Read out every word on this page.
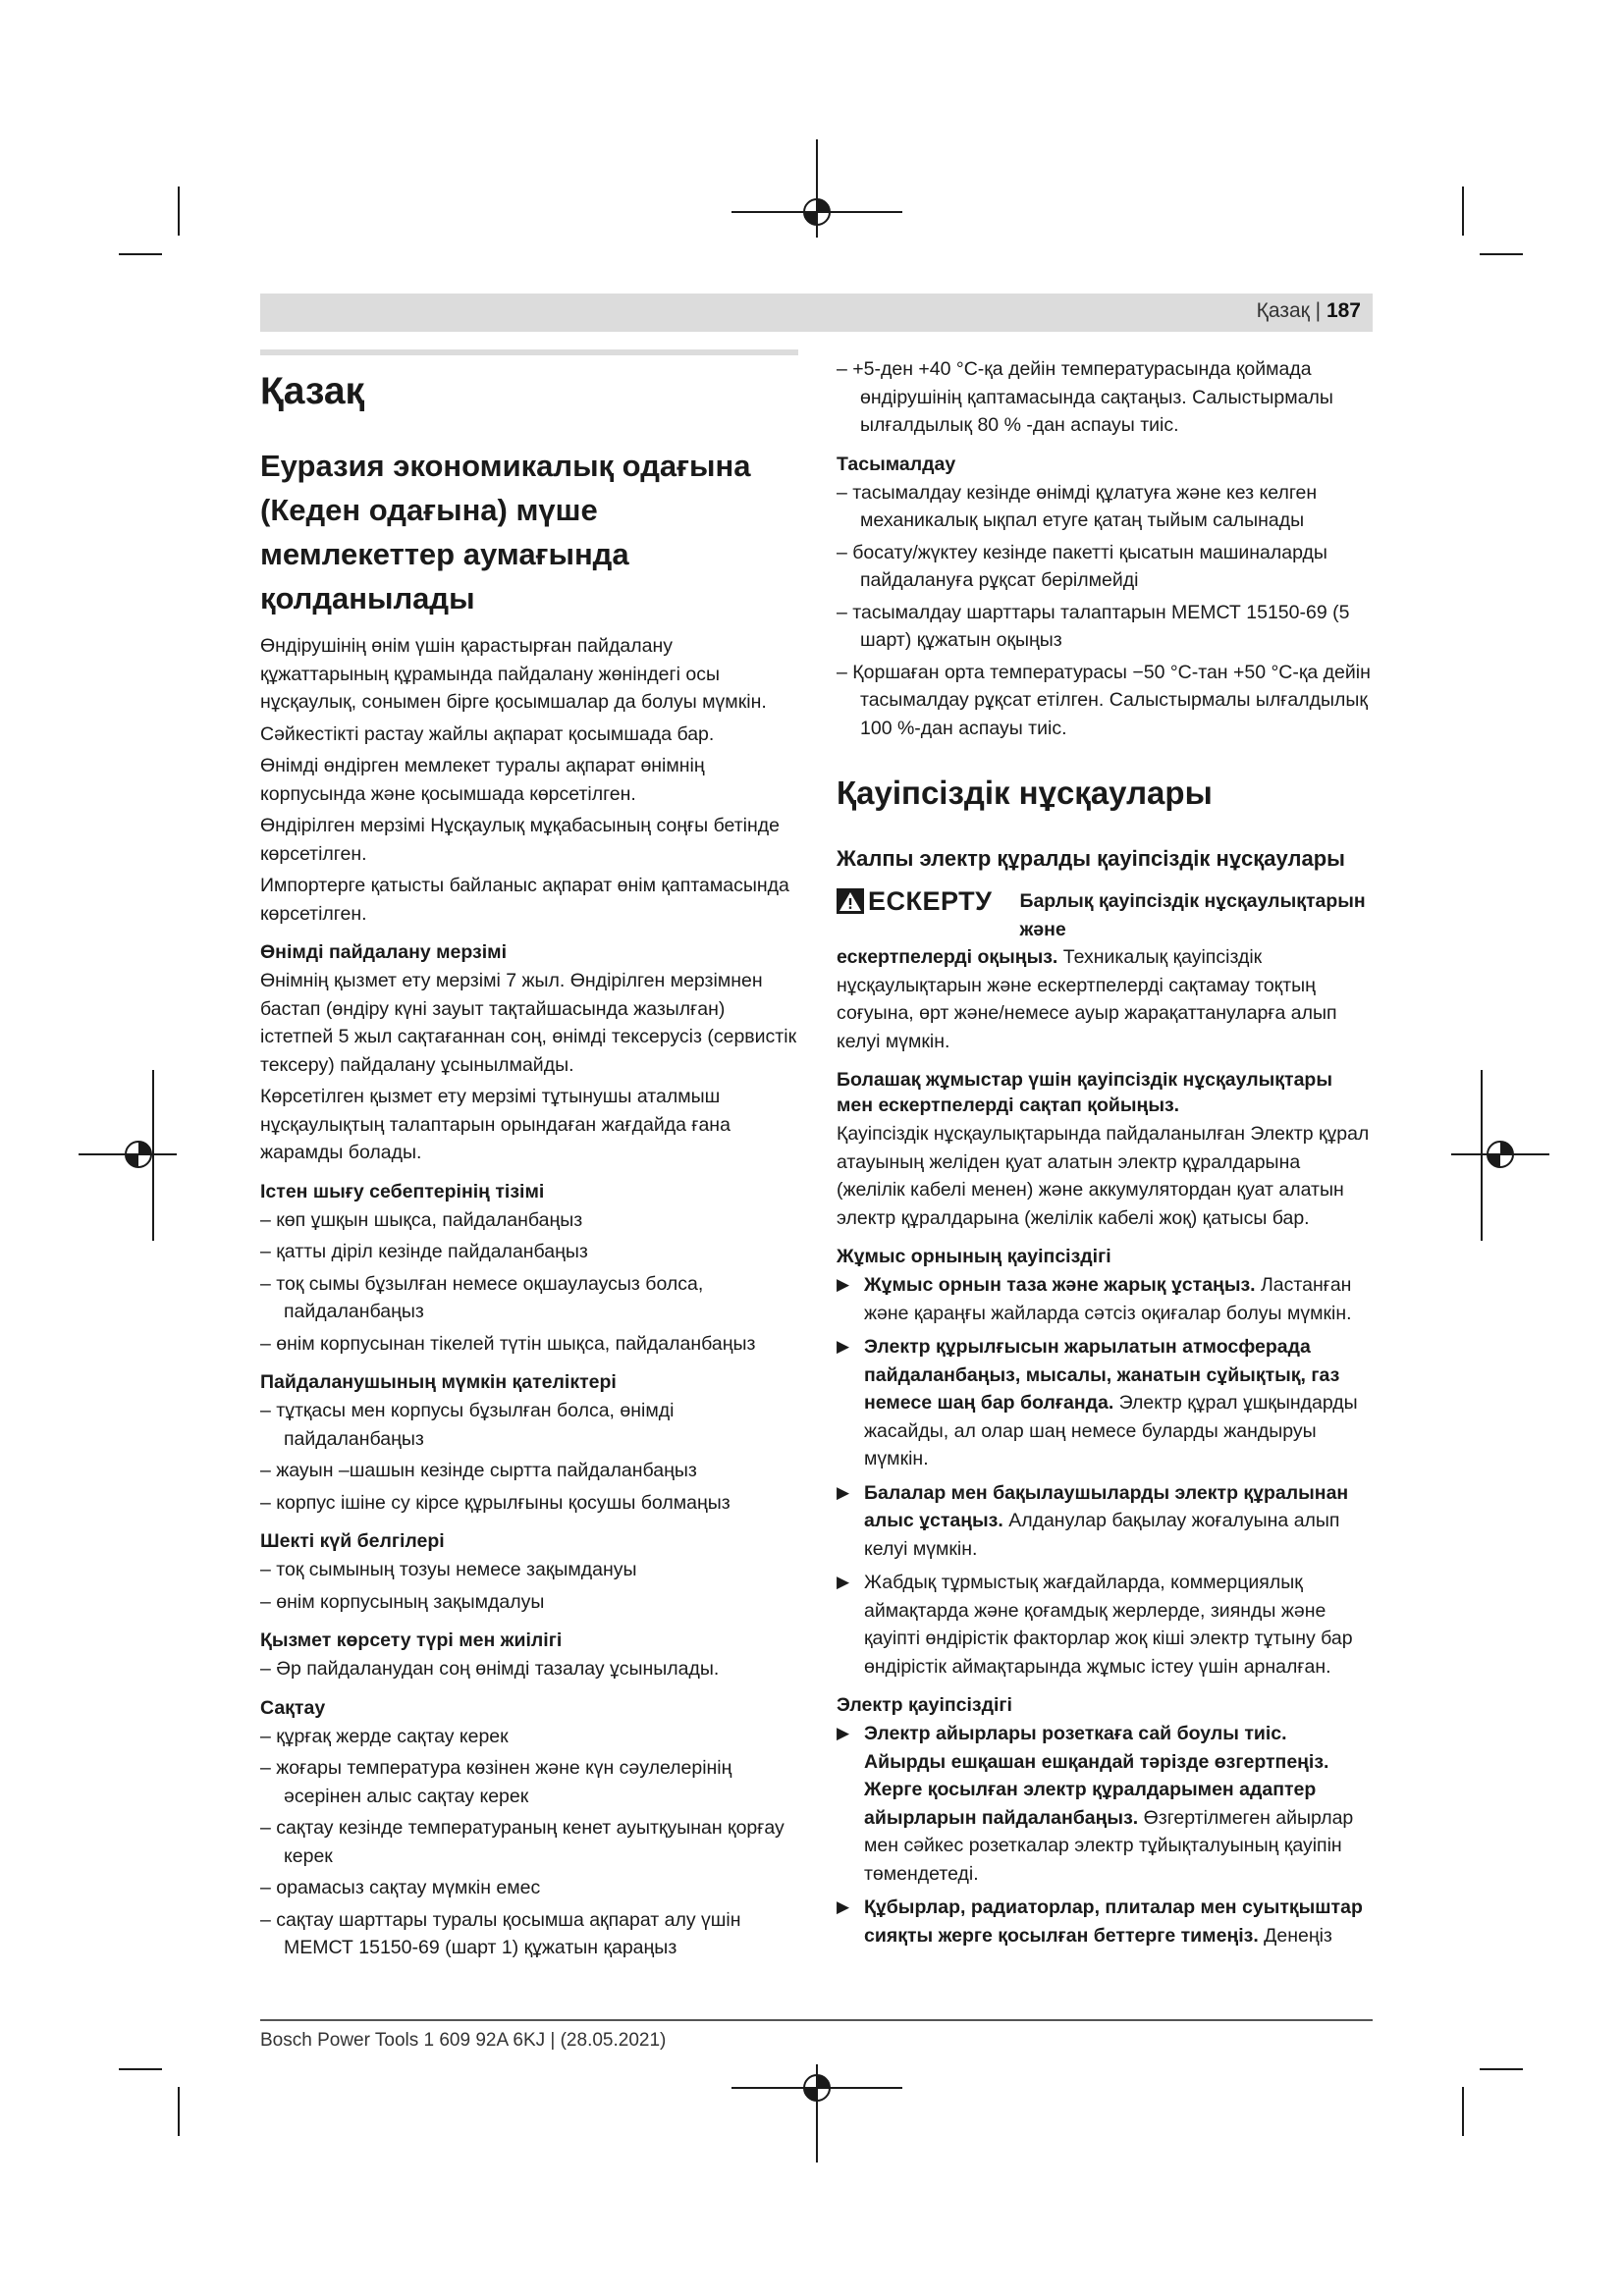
Қазақ | 187
Қазақ
Еуразия экономикалық одағына (Кеден одағына) мүше мемлекеттер аумағында қолданылады

Өндірушінің өнім үшін қарастырған пайдалану құжаттарының құрамында пайдалану жөніндегі осы нұсқаулық, сонымен бірге қосымшалар да болуы мүмкін.

Сәйкестікті растау жайлы ақпарат қосымшада бар.

Өнімді өндірген мемлекет туралы ақпарат өнімнің корпусында және қосымшада көрсетілген.

Өндірілген мерзімі Нұсқаулық мұқабасының соңғы бетінде көрсетілген.

Импортерге қатысты байланыс ақпарат өнім қаптамасында көрсетілген.

Өнімді пайдалану мерзімі

Өнімнің қызмет ету мерзімі 7 жыл. Өндірілген мерзімнен бастап (өндіру күні зауыт тақтайшасында жазылған) істетпей 5 жыл сақтағаннан соң, өнімді тексерусіз (сервистік тексеру) пайдалану ұсынылмайды.

Көрсетілген қызмет ету мерзімі тұтынушы аталмыш нұсқаулықтың талаптарын орындаған жағдайда ғана жарамды болады.

Істен шығу себептерінің тізімі
– көп ұшқын шықса, пайдаланбаңыз
– қатты діріл кезінде пайдаланбаңыз
– тоқ сымы бұзылған немесе оқшаулаусыз болса, пайдаланбаңыз
– өнім корпусынан тікелей түтін шықса, пайдаланбаңыз
Пайдаланушының мүмкін қателіктері
– тұтқасы мен корпусы бұзылған болса, өнімді пайдаланбаңыз
– жауын –шашын кезінде сыртта пайдаланбаңыз
– корпус ішіне су кірсе құрылғыны қосушы болмаңыз
Шекті күй белгілері
– тоқ сымының тозуы немесе зақымдануы
– өнім корпусының зақымдалуы
Қызмет көрсету түрі мен жиілігі
– Әр пайдаланудан соң өнімді тазалау ұсынылады.
Сақтау
– құрғақ жерде сақтау керек
– жоғары температура көзінен және күн сәулелерінің әсерінен алыс сақтау керек
– сақтау кезінде температураның кенет ауытқуынан қорғау керек
– орамасыз сақтау мүмкін емес
– сақтау шарттары туралы қосымша ақпарат алу үшін МЕМСТ 15150-69 (шарт 1) құжатын қараңыз
– +5-ден +40 °C-қа дейін температурасында қоймада өндірушінің қаптамасында сақтаңыз. Салыстырмалы ылғалдылық 80 % -дан аспауы тиіс.
Тасымалдау
– тасымалдау кезінде өнімді құлатуға және кез келген механикалық ықпал етуге қатаң тыйым салынады
– босату/жүктеу кезінде пакетті қысатын машиналарды пайдалануға рұқсат берілмейді
– тасымалдау шарттары талаптарын МЕМСТ 15150-69 (5 шарт) құжатын оқыңыз
– Қоршаған орта температурасы −50 °C-тан +50 °C-қа дейін тасымалдау рұқсат етілген. Салыстырмалы ылғалдылық 100 %-дан аспауы тиіс.
Қауіпсіздік нұсқаулары
Жалпы электр құралды қауіпсіздік нұсқаулары
ЕСКЕРТУ Барлық қауіпсіздік нұсқаулықтарын және

ескертпелерді оқыңыз. Техникалық қауіпсіздік нұсқаулықтарын және ескертпелерді сақтамау тоқтың соғуына, өрт және/немесе ауыр жарақаттануларға алып келуі мүмкін.

Болашақ жұмыстар үшін қауіпсіздік нұсқаулықтары мен ескертпелерді сақтап қойыңыз.

Қауіпсіздік нұсқаулықтарында пайдаланылған Электр құрал атауының желіден қуат алатын электр құралдарына (желілік кабелі менен) және аккумулятордан қуат алатын электр құралдарына (желілік кабелі жоқ) қатысы бар.

Жұмыс орнының қауіпсіздігі
▶ Жұмыс орнын таза және жарық ұстаңыз. Ластанған және қараңғы жайларда сәтсіз оқиғалар болуы мүмкін.
▶ Электр құрылғысын жарылатын атмосферада пайдаланбаңыз, мысалы, жанатын сұйықтық, газ немесе шаң бар болғанда. Электр құрал ұшқындарды жасайды, ал олар шаң немесе буларды жандыруы мүмкін.
▶ Балалар мен бақылаушыларды электр құралынан алыс ұстаңыз. Алданулар бақылау жоғалуына алып келуі мүмкін.
▶ Жабдық тұрмыстық жағдайларда, коммерциялық аймақтарда және қоғамдық жерлерде, зиянды және қауіпті өндірістік факторлар жоқ кіші электр тұтыну бар өндірістік аймақтарында жұмыс істеу үшін арналған.
Электр қауіпсіздігі
▶ Электр айырлары розеткаға сай боулы тиіс. Айырды ешқашан ешқандай тәрізде өзгертпеңіз. Жерге қосылған электр құралдарымен адаптер айырларын пайдаланбаңыз. Өзгертілмеген айырлар мен сәйкес розеткалар электр тұйықталуының қауіпін төмендетеді.
▶ Құбырлар, радиаторлар, плиталар мен суытқыштар сияқты жерге қосылған беттерге тимеңіз. Денеңіз
Bosch Power Tools 1 609 92A 6KJ | (28.05.2021)
